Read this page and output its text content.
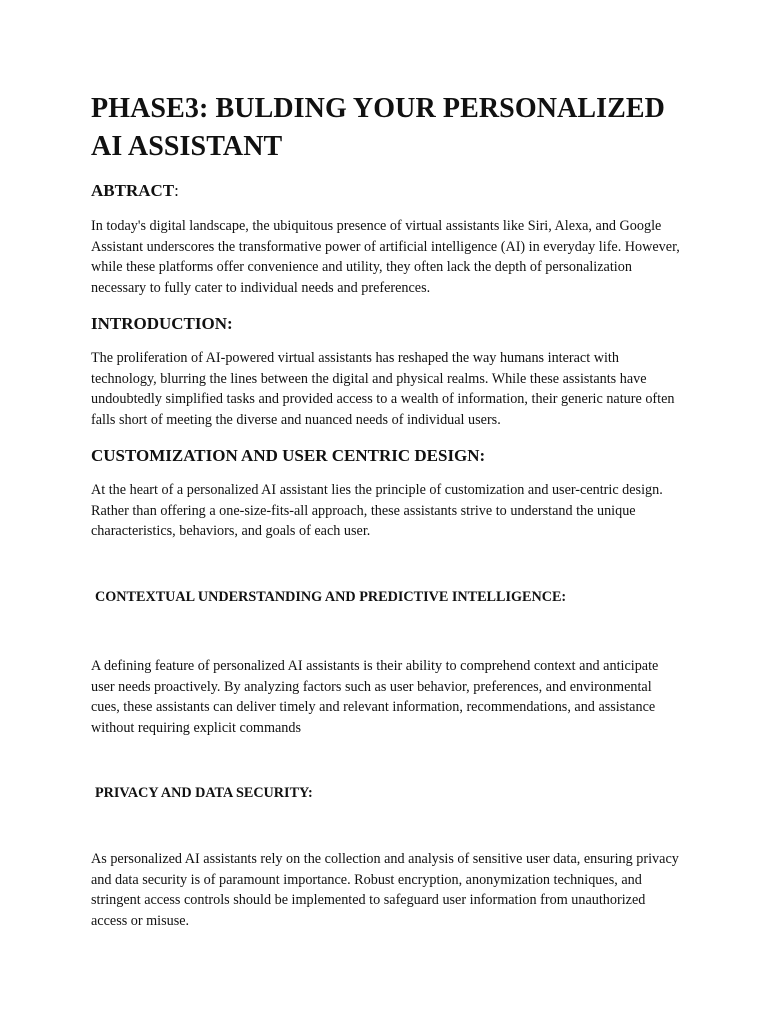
PHASE3: BULDING YOUR PERSONALIZED AI ASSISTANT
ABTRACT:

In today's digital landscape, the ubiquitous presence of virtual assistants like Siri, Alexa, and Google Assistant underscores the transformative power of artificial intelligence (AI) in everyday life. However, while these platforms offer convenience and utility, they often lack the depth of personalization necessary to fully cater to individual needs and preferences.

INTRODUCTION:

The proliferation of AI-powered virtual assistants has reshaped the way humans interact with technology, blurring the lines between the digital and physical realms. While these assistants have undoubtedly simplified tasks and provided access to a wealth of information, their generic nature often falls short of meeting the diverse and nuanced needs of individual users.

CUSTOMIZATION AND USER CENTRIC DESIGN:

At the heart of a personalized AI assistant lies the principle of customization and user-centric design. Rather than offering a one-size-fits-all approach, these assistants strive to understand the unique characteristics, behaviors, and goals of each user.

CONTEXTUAL UNDERSTANDING AND PREDICTIVE INTELLIGENCE:

A defining feature of personalized AI assistants is their ability to comprehend context and anticipate user needs proactively. By analyzing factors such as user behavior, preferences, and environmental cues, these assistants can deliver timely and relevant information, recommendations, and assistance without requiring explicit commands

PRIVACY AND DATA SECURITY:

As personalized AI assistants rely on the collection and analysis of sensitive user data, ensuring privacy and data security is of paramount importance. Robust encryption, anonymization techniques, and stringent access controls should be implemented to safeguard user information from unauthorized access or misuse.
